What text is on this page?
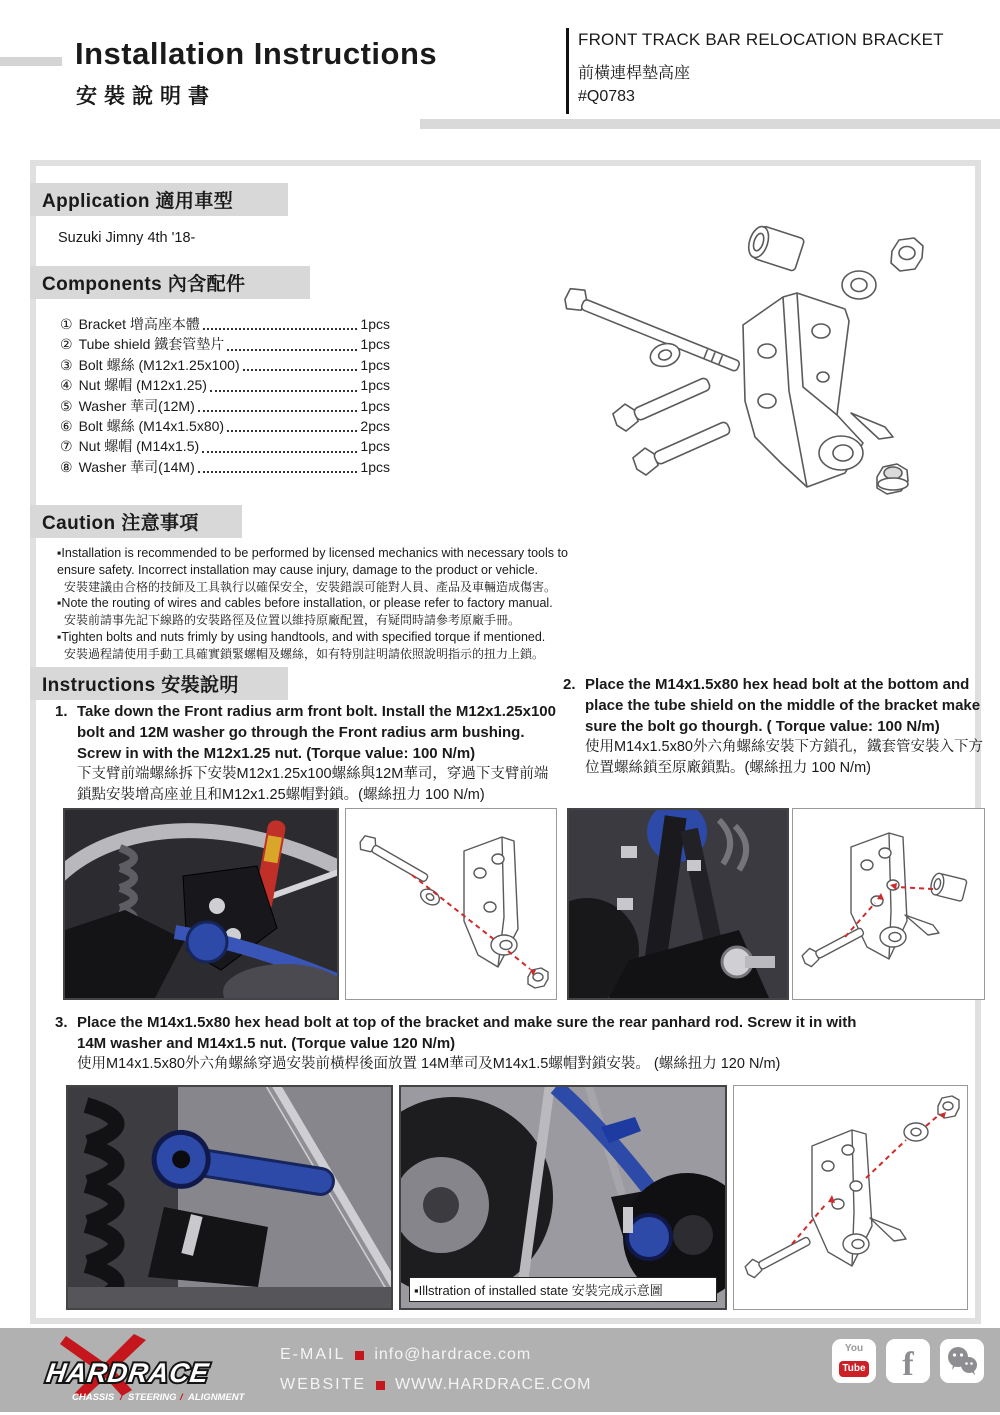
Installation Instructions
安裝說明書
FRONT TRACK BAR RELOCATION BRACKET
前橫連桿墊高座
#Q0783
Application 適用車型
Suzuki Jimny 4th '18-
Components 內含配件
① Bracket 增高座本體	1pcs
② Tube shield 鐵套管墊片	1pcs
③ Bolt 螺絲 (M12x1.25x100)	1pcs
④ Nut 螺帽 (M12x1.25)	1pcs
⑤ Washer 華司(12M)	1pcs
⑥ Bolt 螺絲 (M14x1.5x80)	2pcs
⑦ Nut 螺帽 (M14x1.5)	1pcs
⑧ Washer 華司(14M)	1pcs
Caution 注意事項
▪Installation is recommended to be performed by licensed mechanics with necessary tools to ensure safety. Incorrect installation may cause injury, damage to the product or vehicle.
安裝建議由合格的技師及工具執行以確保安全，安裝錯誤可能對人員、產品及車輛造成傷害。
▪Note the routing of wires and cables before installation, or please refer to factory manual.
安裝前請事先記下線路的安裝路徑及位置以維持原廠配置，有疑問時請參考原廠手冊。
▪Tighten bolts and nuts frimly by using handtools, and with specified torque if mentioned.
安裝過程請使用手動工具確實鎖緊螺帽及螺絲，如有特別註明請依照說明指示的扭力上鎖。
Instructions 安裝說明
1. Take down the Front radius arm front bolt. Install the M12x1.25x100 bolt and 12M washer go through the Front radius arm bushing. Screw in with the M12x1.25 nut. (Torque value: 100 N/m)
下支臂前端螺絲拆下安裝M12x1.25x100螺絲與12M華司，穿過下支臂前端鎖點安裝增高座並且和M12x1.25螺帽對鎖。(螺絲扭力 100 N/m)
2. Place the M14x1.5x80 hex head bolt at the bottom and place the tube shield on the middle of the bracket make sure the bolt go thourgh. ( Torque value: 100 N/m)
使用M14x1.5x80外六角螺絲安裝下方鎖孔，鐵套管安裝入下方位置螺絲鎖至原廠鎖點。(螺絲扭力 100 N/m)
3. Place the M14x1.5x80 hex head bolt at top of the bracket and make sure the rear panhard rod. Screw it in with 14M washer and M14x1.5 nut. (Torque value 120 N/m)
使用M14x1.5x80外六角螺絲穿過安裝前橫桿後面放置 14M華司及M14x1.5螺帽對鎖安裝。 (螺絲扭力 120 N/m)
▪Illstration of installed state 安裝完成示意圖
HARDRACE
CHASSIS / STEERING / ALIGNMENT
E-MAIL info@hardrace.com
WEBSITE WWW.HARDRACE.COM
You
Tube f
